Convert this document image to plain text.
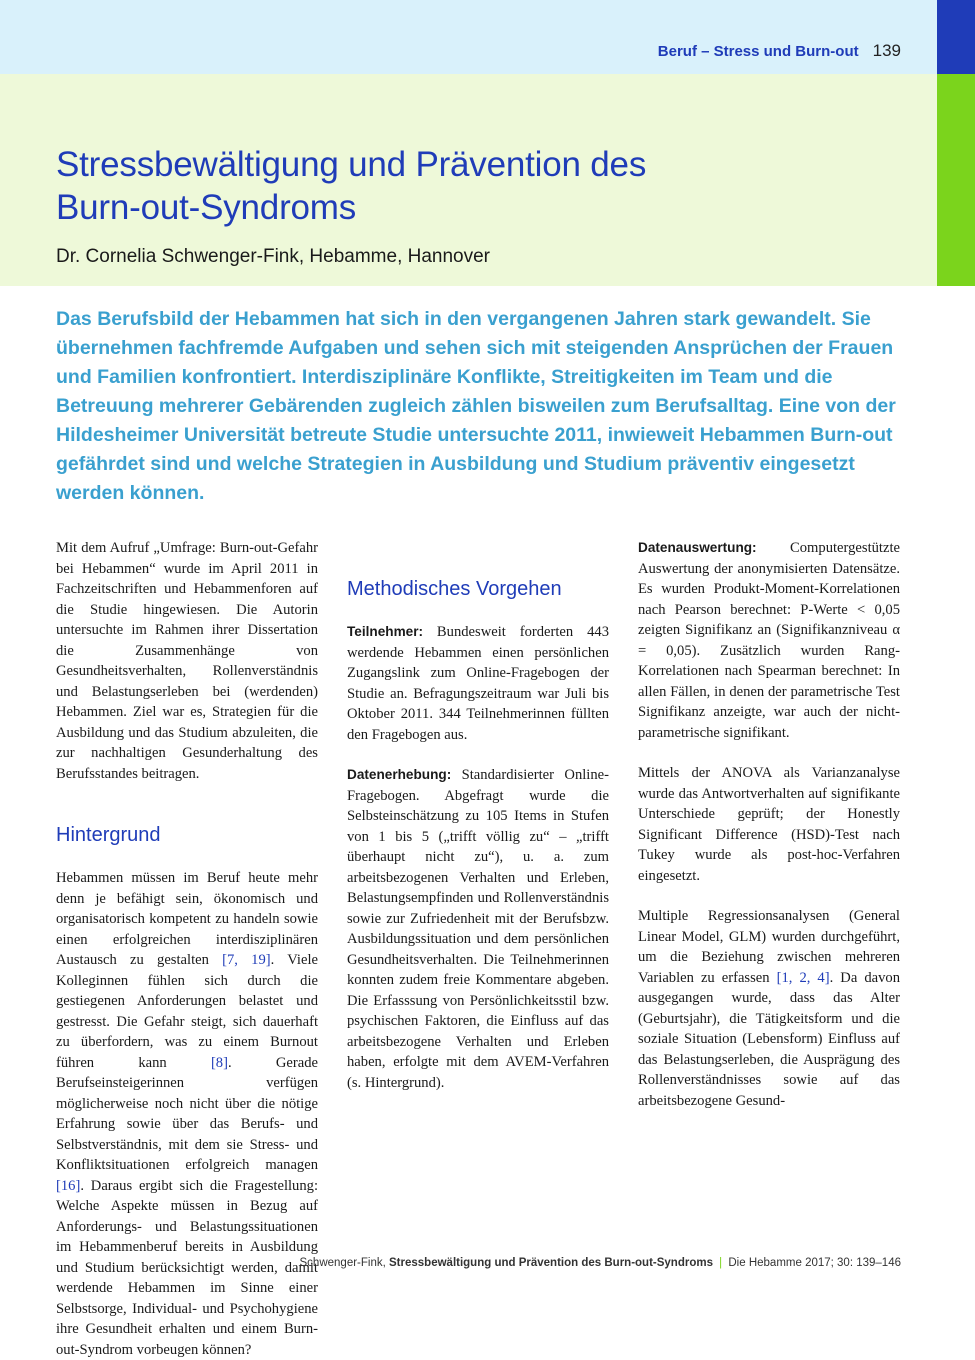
Beruf – Stress und Burn-out 139
Stressbewältigung und Prävention des
Burn-out-Syndroms
Dr. Cornelia Schwenger-Fink, Hebamme, Hannover

Das Berufsbild der Hebammen hat sich in den vergangenen Jahren stark gewandelt. Sie übernehmen fachfremde Aufgaben und sehen sich mit steigenden Ansprüchen der Frauen und Familien konfrontiert. Interdisziplinäre Konflikte, Streitigkeiten im Team und die Betreuung mehrerer Gebärenden zugleich zählen bisweilen zum Berufsalltag. Eine von der Hildesheimer Universität betreute Studie untersuchte 2011, inwieweit Hebammen Burn-out gefährdet sind und welche Strategien in Ausbildung und Studium präventiv eingesetzt werden können.

Mit dem Aufruf „Umfrage: Burn-out-Gefahr bei Hebammen“ wurde im April 2011 in Fachzeitschriften und Hebammenforen auf die Studie hingewiesen. Die Autorin untersuchte im Rahmen ihrer Dissertation die Zusammenhänge von Gesundheitsverhalten, Rollenverständnis und Belastungserleben bei (werdenden) Hebammen. Ziel war es, Strategien für die Ausbildung und das Studium abzuleiten, die zur nachhaltigen Gesunderhaltung des Berufsstandes beitragen.

Hintergrund

Hebammen müssen im Beruf heute mehr denn je befähigt sein, ökonomisch und organisatorisch kompetent zu handeln sowie einen erfolgreichen interdisziplinären Austausch zu gestalten [7, 19]. Viele Kolleginnen fühlen sich durch die gestiegenen Anforderungen belastet und gestresst. Die Gefahr steigt, sich dauerhaft zu überfordern, was zu einem Burnout führen kann [8]. Gerade Berufseinsteigerinnen verfügen möglicherweise noch nicht über die nötige Erfahrung sowie über das Berufs- und Selbstverständnis, mit dem sie Stress- und Konfliktsituationen erfolgreich managen [16]. Daraus ergibt sich die Fragestellung: Welche Aspekte müssen in Bezug auf Anforderungs- und Belastungssituationen im Hebammenberuf bereits in Ausbildung und Studium berücksichtigt werden, damit werdende Hebammen im Sinne einer Selbstsorge, Individual- und Psychohygiene ihre Gesundheit erhalten und einem Burn-out-Syndrom vorbeugen können?

Methodisches Vorgehen

Teilnehmer: Bundesweit forderten 443 werdende Hebammen einen persönlichen Zugangslink zum Online-Fragebogen der Studie an. Befragungszeitraum war Juli bis Oktober 2011. 344 Teilnehmerinnen füllten den Fragebogen aus.

Datenerhebung: Standardisierter Online-Fragebogen. Abgefragt wurde die Selbsteinschätzung zu 105 Items in Stufen von 1 bis 5 („trifft völlig zu“ – „trifft überhaupt nicht zu“), u. a. zum arbeitsbezogenen Verhalten und Erleben, Belastungsempfinden und Rollenverständnis sowie zur Zufriedenheit mit der Berufsbzw. Ausbildungssituation und dem persönlichen Gesundheitsverhalten. Die Teilnehmerinnen konnten zudem freie Kommentare abgeben. Die Erfasssung von Persönlichkeitsstil bzw. psychischen Faktoren, die Einfluss auf das arbeitsbezogene Verhalten und Erleben haben, erfolgte mit dem AVEM-Verfahren (s. Hintergrund).

Datenauswertung: Computergestützte Auswertung der anonymisierten Datensätze. Es wurden Produkt-Moment-Korrelationen nach Pearson berechnet: P-Werte < 0,05 zeigten Signifikanz an (Signifikanzniveau α = 0,05). Zusätzlich wurden Rang-Korrelationen nach Spearman berechnet: In allen Fällen, in denen der parametrische Test Signifikanz anzeigte, war auch der nicht-parametrische signifikant.

Mittels der ANOVA als Varianzanalyse wurde das Antwortverhalten auf signifikante Unterschiede geprüft; der Honestly Significant Difference (HSD)-Test nach Tukey wurde als post-hoc-Verfahren eingesetzt.

Multiple Regressionsanalysen (General Linear Model, GLM) wurden durchgeführt, um die Beziehung zwischen mehreren Variablen zu erfassen [1, 2, 4]. Da davon ausgegangen wurde, dass das Alter (Geburtsjahr), die Tätigkeitsform und die soziale Situation (Lebensform) Einfluss auf das Belastungserleben, die Ausprägung des Rollenverständnisses sowie auf das arbeitsbezogene Gesund-

Schwenger-Fink, Stressbewältigung und Prävention des Burn-out-Syndroms | Die Hebamme 2017; 30: 139–146
